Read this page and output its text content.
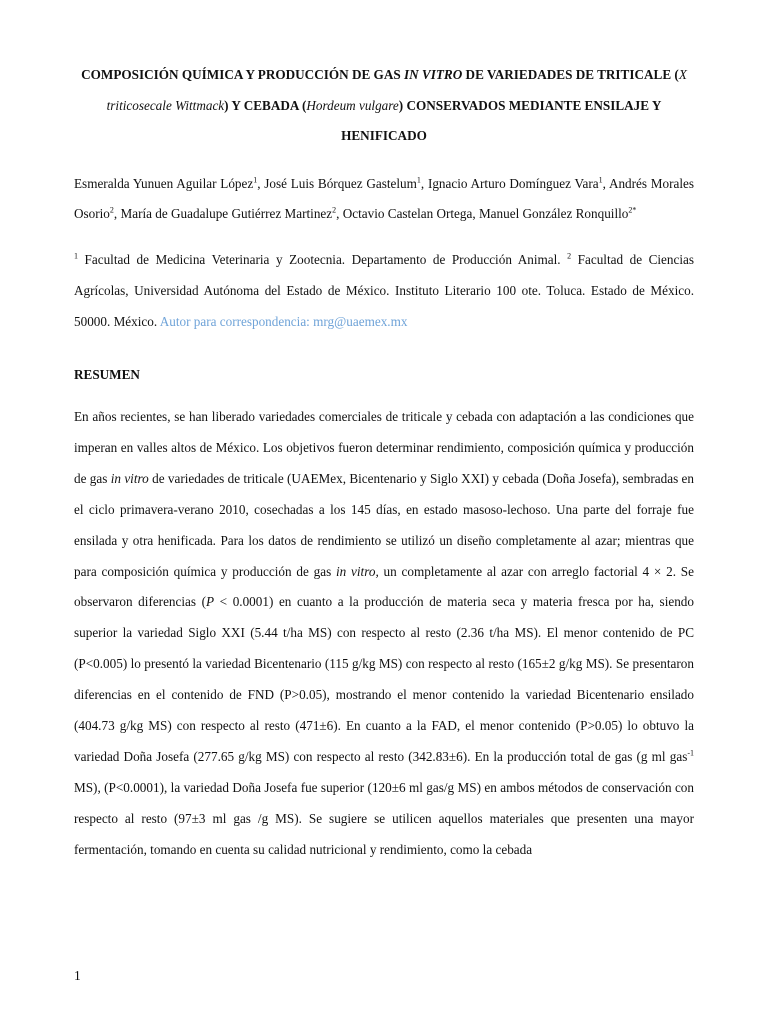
COMPOSICIÓN QUÍMICA Y PRODUCCIÓN DE GAS IN VITRO DE VARIEDADES DE TRITICALE (X triticosecale Wittmack) Y CEBADA (Hordeum vulgare) CONSERVADOS MEDIANTE ENSILAJE Y HENIFICADO

Esmeralda Yunuen Aguilar López$^1$, José Luis Bórquez Gastelum$^1$, Ignacio Arturo Domínguez Vara$^1$, Andrés Morales Osorio$^2$, María de Guadalupe Gutiérrez Martinez$^2$, Octavio Castelan Ortega, Manuel González Ronquillo$^{2*}$

$^1$ Facultad de Medicina Veterinaria y Zootecnia. Departamento de Producción Animal. $^2$ Facultad de Ciencias Agrícolas, Universidad Autónoma del Estado de México. Instituto Literario 100 ote. Toluca. Estado de México. 50000. México. Autor para correspondencia: mrg@uaemex.mx

RESUMEN

En años recientes, se han liberado variedades comerciales de triticale y cebada con adaptación a las condiciones que imperan en valles altos de México. Los objetivos fueron determinar rendimiento, composición química y producción de gas in vitro de variedades de triticale (UAEMex, Bicentenario y Siglo XXI) y cebada (Doña Josefa), sembradas en el ciclo primavera-verano 2010, cosechadas a los 145 días, en estado masoso-lechoso. Una parte del forraje fue ensilada y otra henificada. Para los datos de rendimiento se utilizó un diseño completamente al azar; mientras que para composición química y producción de gas in vitro, un completamente al azar con arreglo factorial 4 × 2. Se observaron diferencias (P < 0.0001) en cuanto a la producción de materia seca y materia fresca por ha, siendo superior la variedad Siglo XXI (5.44 t/ha MS) con respecto al resto (2.36 t/ha MS). El menor contenido de PC (P<0.005) lo presentó la variedad Bicentenario (115 g/kg MS) con respecto al resto (165±2 g/kg MS). Se presentaron diferencias en el contenido de FND (P>0.05), mostrando el menor contenido la variedad Bicentenario ensilado (404.73 g/kg MS) con respecto al resto (471±6). En cuanto a la FAD, el menor contenido (P>0.05) lo obtuvo la variedad Doña Josefa (277.65 g/kg MS) con respecto al resto (342.83±6). En la producción total de gas (g ml gas$^{-1}$ MS), (P<0.0001), la variedad Doña Josefa fue superior (120±6 ml gas/g MS) en ambos métodos de conservación con respecto al resto (97±3 ml gas /g MS). Se sugiere se utilicen aquellos materiales que presenten una mayor fermentación, tomando en cuenta su calidad nutricional y rendimiento, como la cebada

1
